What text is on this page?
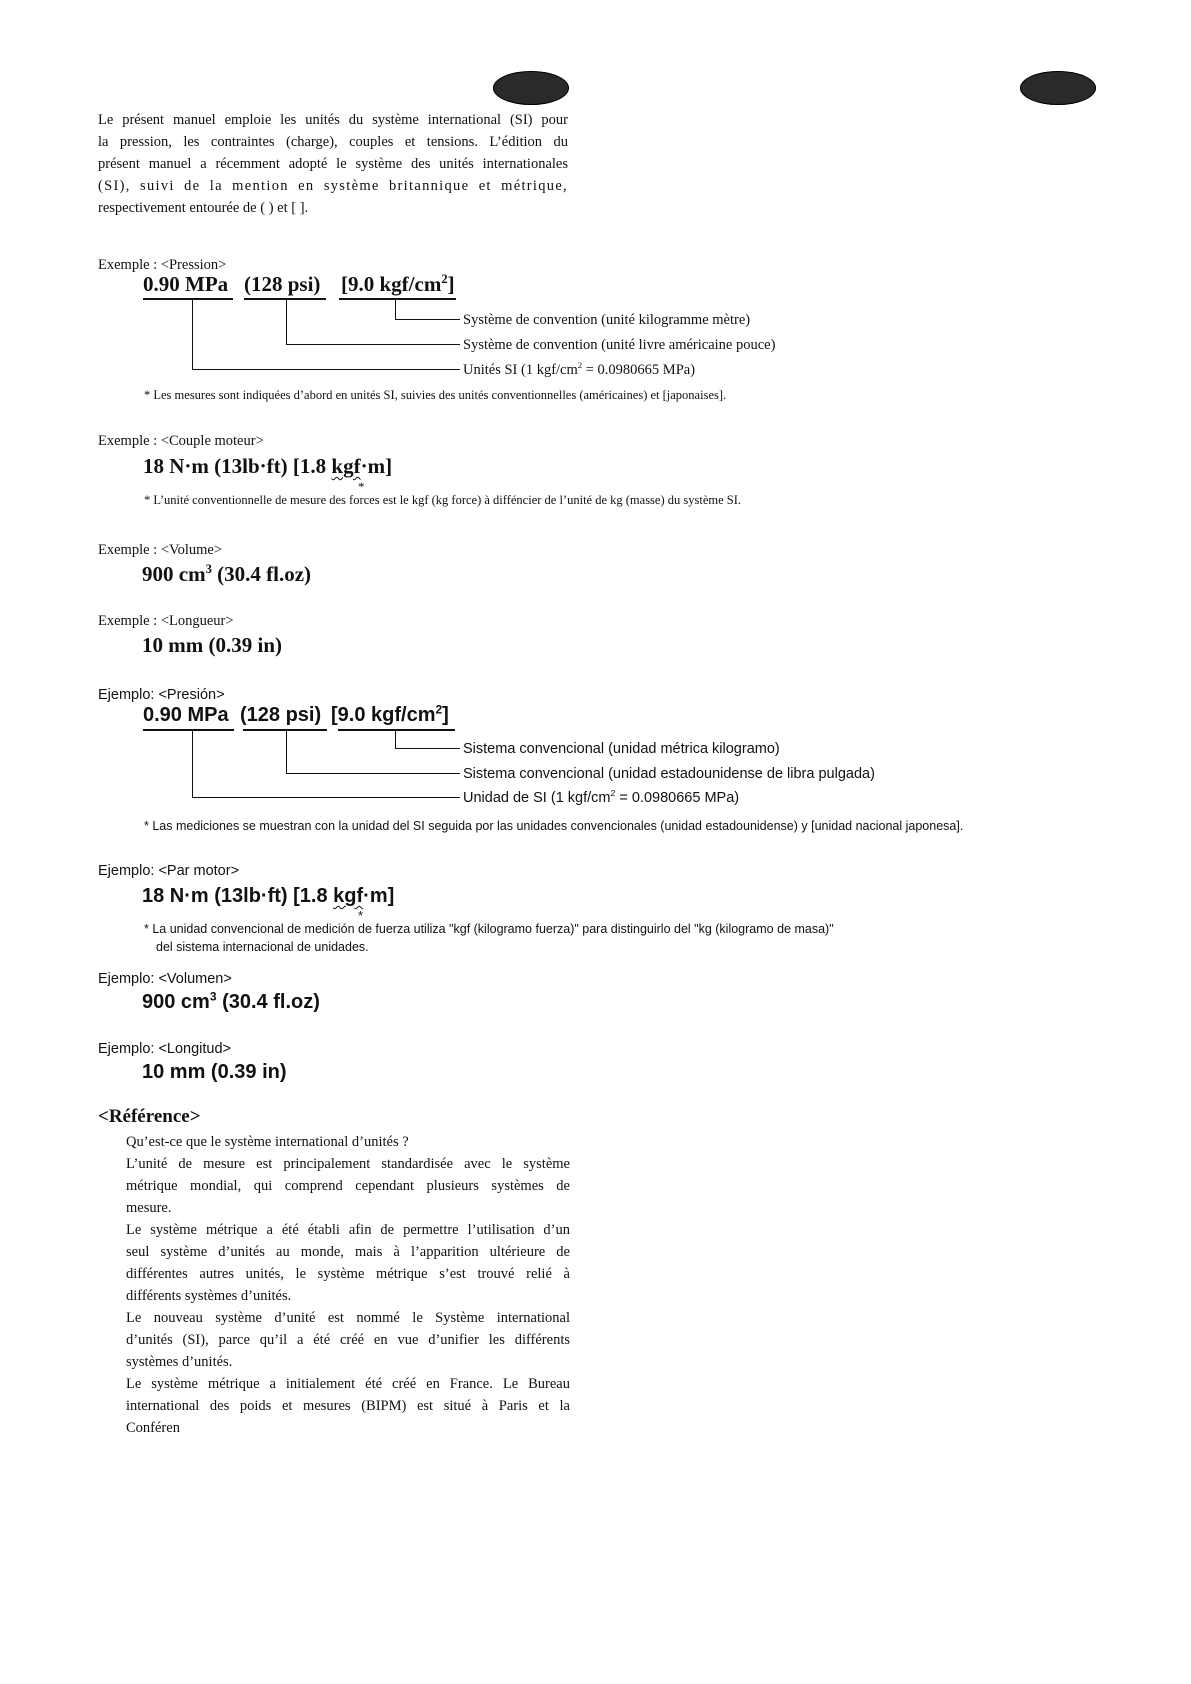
Le présent manuel emploie les unités du système international (SI) pour
la pression, les contraintes (charge), couples et tensions. L’édition du
présent manuel a récemment adopté le système des unités internationales
(SI), suivi de la mention en système britannique et métrique,
respectivement entourée de ( ) et [ ].
Exemple : <Pression>
0.90 MPa (128 psi) [9.0 kgf/$cm^2$]
Système de convention (unité kilogramme mètre)
Système de convention (unité livre américaine pouce)
Unités SI (1 kgf/$cm^2 = 0.0980665$ MPa)
* Les mesures sont indiquées d’abord en unités SI, suivies des unités conventionnelles (américaines) et [japonaises].
Exemple : <Couple moteur>
18 N·m (13lb·ft) [1.8 kgf·m]
*
* L’unité conventionnelle de mesure des forces est le kgf (kg force) à difféncier de l’unité de kg (masse) du système SI.
Exemple : <Volume>
900 $cm^3$ (30.4 fl.oz)
Exemple : <Longueur>
10 mm (0.39 in)
Ejemplo: <Presión>
0.90 MPa (128 psi) [9.0 kgf/$cm^2$]
Sistema convencional (unidad métrica kilogramo)
Sistema convencional (unidad estadounidense de libra pulgada)
Unidad de SI (1 kgf/$cm^2 = 0.0980665$ MPa)
* Las mediciones se muestran con la unidad del SI seguida por las unidades convencionales (unidad estadounidense) y [unidad nacional japonesa].
Ejemplo: <Par motor>
18 N·m (13lb·ft) [1.8 kgf·m]
*
* La unidad convencional de medición de fuerza utiliza "kgf (kilogramo fuerza)" para distinguirlo del "kg (kilogramo de masa)"
del sistema internacional de unidades.
Ejemplo: <Volumen>
900 $cm^3$ (30.4 fl.oz)
Ejemplo: <Longitud>
10 mm (0.39 in)
<Référence>
Qu’est-ce que le système international d’unités ?
L’unité de mesure est principalement standardisée avec le système
métrique mondial, qui comprend cependant plusieurs systèmes de
mesure.
Le système métrique a été établi afin de permettre l’utilisation d’un
seul système d’unités au monde, mais à l’apparition ultérieure de
différentes autres unités, le système métrique s’est trouvé relié à
différents systèmes d’unités.
Le nouveau système d’unité est nommé le Système international
d’unités (SI), parce qu’il a été créé en vue d’unifier les différents
systèmes d’unités.
Le système métrique a initialement été créé en France. Le Bureau
international des poids et mesures (BIPM) est situé à Paris et la
Conféren
